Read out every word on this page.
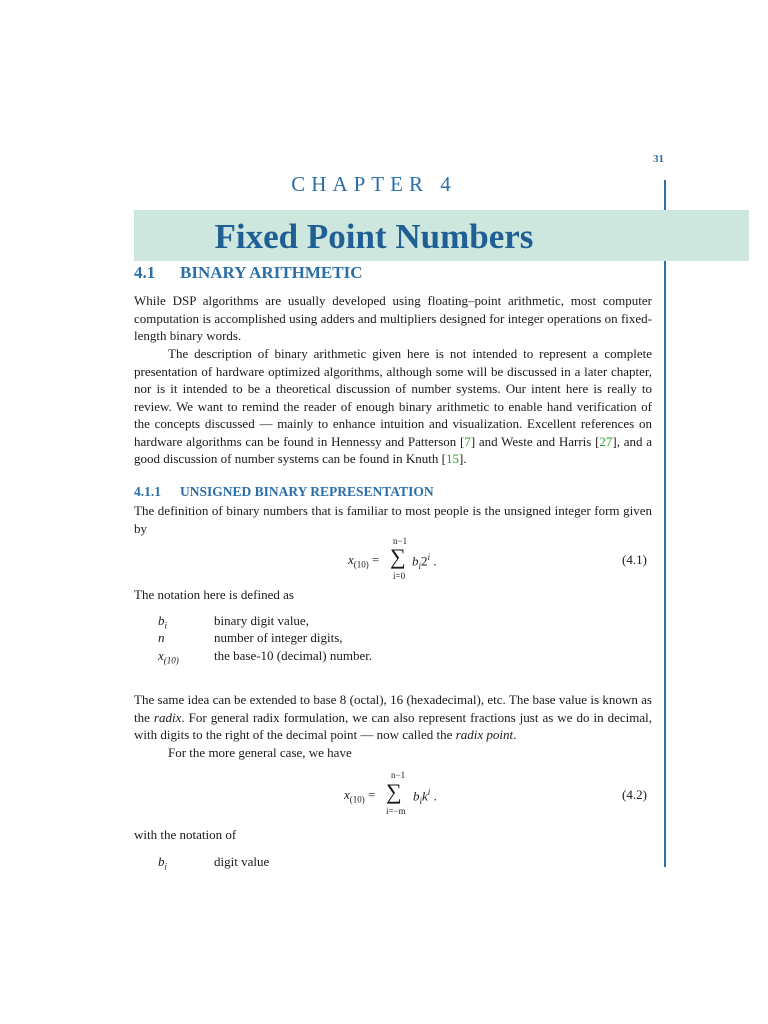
31
CHAPTER 4
Fixed Point Numbers
4.1 BINARY ARITHMETIC

While DSP algorithms are usually developed using floating–point arithmetic, most computer computation is accomplished using adders and multipliers designed for integer operations on fixed-length binary words.

The description of binary arithmetic given here is not intended to represent a complete presentation of hardware optimized algorithms, although some will be discussed in a later chapter, nor is it intended to be a theoretical discussion of number systems. Our intent here is really to review. We want to remind the reader of enough binary arithmetic to enable hand verification of the concepts discussed — mainly to enhance intuition and visualization. Excellent references on hardware algorithms can be found in Hennessy and Patterson [7] and Weste and Harris [27], and a good discussion of number systems can be found in Knuth [15].

4.1.1 UNSIGNED BINARY REPRESENTATION

The definition of binary numbers that is familiar to most people is the unsigned integer form given by

$x_{(10)}$ =
n−1
∑
i=0
$b_i2^i$ .	(4.1)

The notation here is defined as

$b_i$	binary digit value,
n	number of integer digits,
$x_{(10)}$	the base-10 (decimal) number.

The same idea can be extended to base 8 (octal), 16 (hexadecimal), etc. The base value is known as the radix. For general radix formulation, we can also represent fractions just as we do in decimal, with digits to the right of the decimal point — now called the radix point.

For the more general case, we have

$x_{(10)}$ =
n−1
∑
i=−m
$b_ik^i$ .	(4.2)

with the notation of

$b_i$	digit value
